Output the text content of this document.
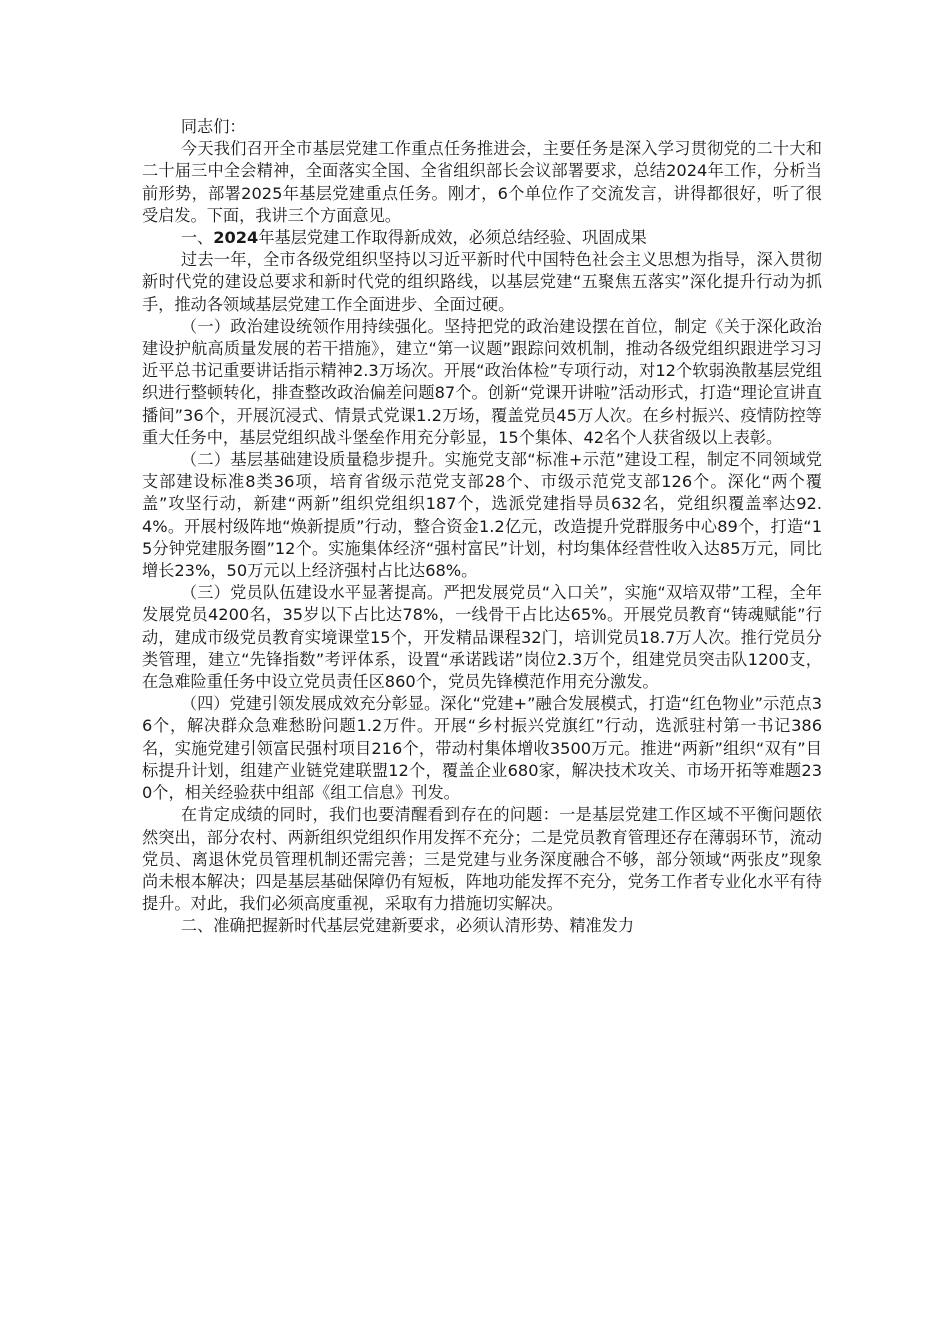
同志们：

今天我们召开全市基层党建工作重点任务推进会，主要任务是深入学习贯彻党的二十大和二十届三中全会精神，全面落实全国、全省组织部长会议部署要求，总结2024年工作，分析当前形势，部署2025年基层党建重点任务。刚才，6个单位作了交流发言，讲得都很好，听了很受启发。下面，我讲三个方面意见。

一、2024年基层党建工作取得新成效，必须总结经验、巩固成果

过去一年，全市各级党组织坚持以习近平新时代中国特色社会主义思想为指导，深入贯彻新时代党的建设总要求和新时代党的组织路线，以基层党建“五聚焦五落实”深化提升行动为抓手，推动各领域基层党建工作全面进步、全面过硬。

（一）政治建设统领作用持续强化。坚持把党的政治建设摆在首位，制定《关于深化政治建设护航高质量发展的若干措施》，建立“第一议题”跟踪问效机制，推动各级党组织跟进学习习近平总书记重要讲话指示精神2.3万场次。开展“政治体检”专项行动，对12个软弱涣散基层党组织进行整顿转化，排查整改政治偏差问题87个。创新“党课开讲啦”活动形式，打造“理论宣讲直播间”36个，开展沉浸式、情景式党课1.2万场，覆盖党员45万人次。在乡村振兴、疫情防控等重大任务中，基层党组织战斗堡垒作用充分彰显，15个集体、42名个人获省级以上表彰。

（二）基层基础建设质量稳步提升。实施党支部“标准+示范”建设工程，制定不同领域党支部建设标准8类36项，培育省级示范党支部28个、市级示范党支部126个。深化“两个覆盖”攻坚行动，新建“两新”组织党组织187个，选派党建指导员632名，党组织覆盖率达92.4%。开展村级阵地“焕新提质”行动，整合资金1.2亿元，改造提升党群服务中心89个，打造“15分钟党建服务圈”12个。实施集体经济“强村富民”计划，村均集体经营性收入达85万元，同比增长23%，50万元以上经济强村占比达68%。

（三）党员队伍建设水平显著提高。严把发展党员“入口关”，实施“双培双带”工程，全年发展党员4200名，35岁以下占比达78%，一线骨干占比达65%。开展党员教育“铸魂赋能”行动，建成市级党员教育实境课堂15个，开发精品课程32门，培训党员18.7万人次。推行党员分类管理，建立“先锋指数”考评体系，设置“承诺践诺”岗位2.3万个，组建党员突击队1200支，在急难险重任务中设立党员责任区860个，党员先锋模范作用充分激发。

（四）党建引领发展成效充分彰显。深化“党建+”融合发展模式，打造“红色物业”示范点36个，解决群众急难愁盼问题1.2万件。开展“乡村振兴党旗红”行动，选派驻村第一书记386名，实施党建引领富民强村项目216个，带动村集体增收3500万元。推进“两新”组织“双有”目标提升计划，组建产业链党建联盟12个，覆盖企业680家，解决技术攻关、市场开拓等难题230个，相关经验获中组部《组工信息》刊发。

在肯定成绩的同时，我们也要清醒看到存在的问题：一是基层党建工作区域不平衡问题依然突出，部分农村、两新组织党组织作用发挥不充分；二是党员教育管理还存在薄弱环节，流动党员、离退休党员管理机制还需完善；三是党建与业务深度融合不够，部分领域“两张皮”现象尚未根本解决；四是基层基础保障仍有短板，阵地功能发挥不充分，党务工作者专业化水平有待提升。对此，我们必须高度重视，采取有力措施切实解决。

二、准确把握新时代基层党建新要求，必须认清形势、精准发力
